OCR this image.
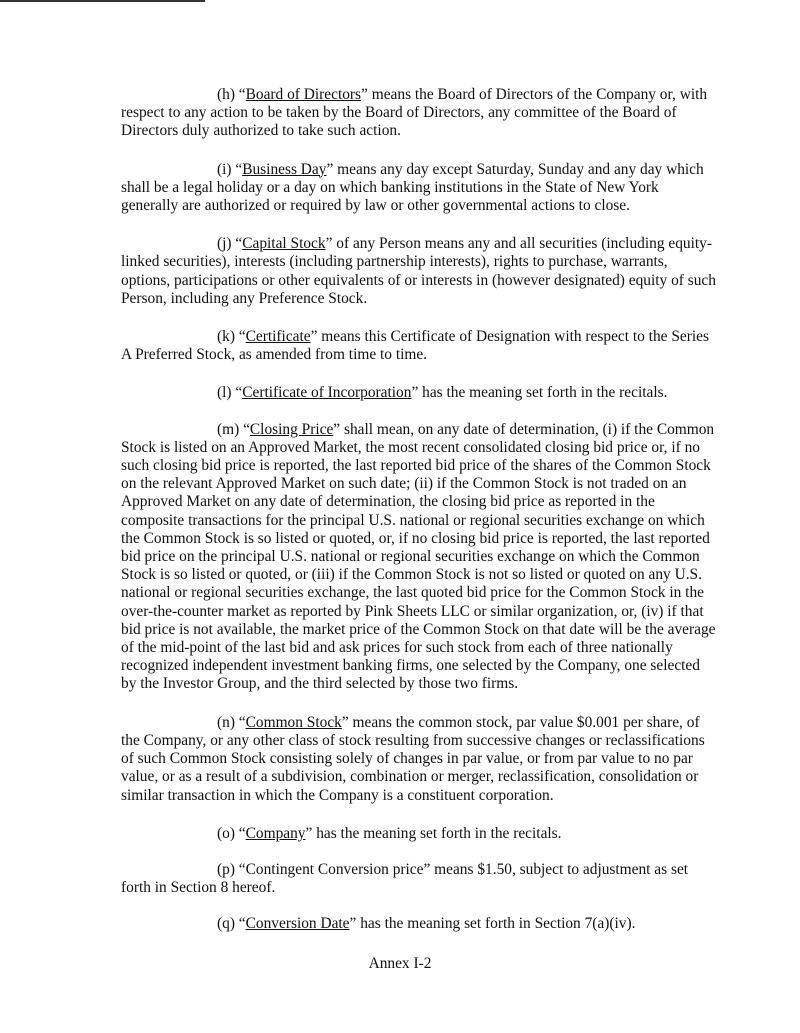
(h) “Board of Directors” means the Board of Directors of the Company or, with respect to any action to be taken by the Board of Directors, any committee of the Board of Directors duly authorized to take such action.

(i) “Business Day” means any day except Saturday, Sunday and any day which shall be a legal holiday or a day on which banking institutions in the State of New York generally are authorized or required by law or other governmental actions to close.

(j) “Capital Stock” of any Person means any and all securities (including equity-linked securities), interests (including partnership interests), rights to purchase, warrants, options, participations or other equivalents of or interests in (however designated) equity of such Person, including any Preference Stock.

(k) “Certificate” means this Certificate of Designation with respect to the Series A Preferred Stock, as amended from time to time.

(l) “Certificate of Incorporation” has the meaning set forth in the recitals.

(m) “Closing Price” shall mean, on any date of determination, (i) if the Common Stock is listed on an Approved Market, the most recent consolidated closing bid price or, if no such closing bid price is reported, the last reported bid price of the shares of the Common Stock on the relevant Approved Market on such date; (ii) if the Common Stock is not traded on an Approved Market on any date of determination, the closing bid price as reported in the composite transactions for the principal U.S. national or regional securities exchange on which the Common Stock is so listed or quoted, or, if no closing bid price is reported, the last reported bid price on the principal U.S. national or regional securities exchange on which the Common Stock is so listed or quoted, or (iii) if the Common Stock is not so listed or quoted on any U.S. national or regional securities exchange, the last quoted bid price for the Common Stock in the over-the-counter market as reported by Pink Sheets LLC or similar organization, or, (iv) if that bid price is not available, the market price of the Common Stock on that date will be the average of the mid-point of the last bid and ask prices for such stock from each of three nationally recognized independent investment banking firms, one selected by the Company, one selected by the Investor Group, and the third selected by those two firms.

(n) “Common Stock” means the common stock, par value $0.001 per share, of the Company, or any other class of stock resulting from successive changes or reclassifications of such Common Stock consisting solely of changes in par value, or from par value to no par value, or as a result of a subdivision, combination or merger, reclassification, consolidation or similar transaction in which the Company is a constituent corporation.

(o) “Company” has the meaning set forth in the recitals.

(p) “Contingent Conversion price” means $1.50, subject to adjustment as set forth in Section 8 hereof.

(q) “Conversion Date” has the meaning set forth in Section 7(a)(iv).

Annex I-2
